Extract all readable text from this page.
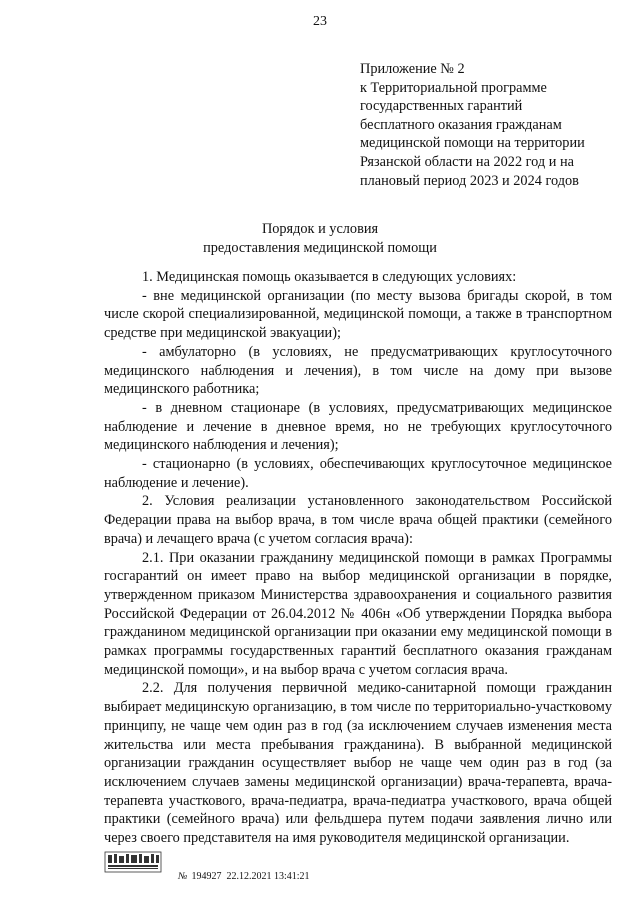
23
Приложение № 2
к Территориальной программе
государственных гарантий
бесплатного оказания гражданам
медицинской помощи на территории
Рязанской области на 2022 год и на
плановый период 2023 и 2024 годов
Порядок и условия
предоставления медицинской помощи

1. Медицинская помощь оказывается в следующих условиях:

- вне медицинской организации (по месту вызова бригады скорой, в том числе скорой специализированной, медицинской помощи, а также в транспортном средстве при медицинской эвакуации);

- амбулаторно (в условиях, не предусматривающих круглосуточного медицинского наблюдения и лечения), в том числе на дому при вызове медицинского работника;

- в дневном стационаре (в условиях, предусматривающих медицинское наблюдение и лечение в дневное время, но не требующих круглосуточного медицинского наблюдения и лечения);

- стационарно (в условиях, обеспечивающих круглосуточное медицинское наблюдение и лечение).

2. Условия реализации установленного законодательством Российской Федерации права на выбор врача, в том числе врача общей практики (семейного врача) и лечащего врача (с учетом согласия врача):

2.1. При оказании гражданину медицинской помощи в рамках Программы госгарантий он имеет право на выбор медицинской организации в порядке, утвержденном приказом Министерства здравоохранения и социального развития Российской Федерации от 26.04.2012 № 406н «Об утверждении Порядка выбора гражданином медицинской организации при оказании ему медицинской помощи в рамках программы государственных гарантий бесплатного оказания гражданам медицинской помощи», и на выбор врача с учетом согласия врача.

2.2. Для получения первичной медико-санитарной помощи гражданин выбирает медицинскую организацию, в том числе по территориально-участковому принципу, не чаще чем один раз в год (за исключением случаев изменения места жительства или места пребывания гражданина). В выбранной медицинской организации гражданин осуществляет выбор не чаще чем один раз в год (за исключением случаев замены медицинской организации) врача-терапевта, врача-терапевта участкового, врача-педиатра, врача-педиатра участкового, врача общей практики (семейного врача) или фельдшера путем подачи заявления лично или через своего представителя на имя руководителя медицинской организации.

№ 194927 22.12.2021 13:41:21
